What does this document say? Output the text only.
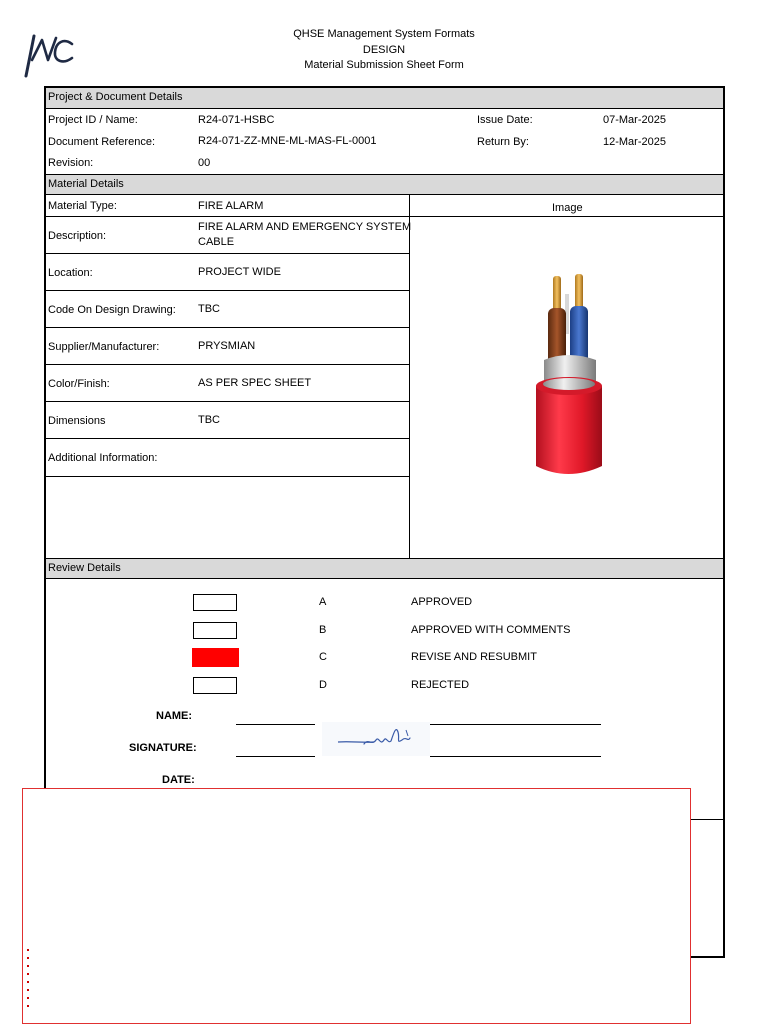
QHSE Management System Formats
DESIGN
Material Submission Sheet Form
Project & Document Details
Project ID / Name:	R24-071-HSBC	Issue Date:	07-Mar-2025
Document Reference:	R24-071-ZZ-MNE-ML-MAS-FL-0001	Return By:	12-Mar-2025
Revision:	00
Material Details
Image
Material Type:	FIRE ALARM
Description:
FIRE ALARM AND EMERGENCY SYSTEM
CABLE
Location:	PROJECT WIDE
Code On Design Drawing: TBC
Supplier/Manufacturer:	PRYSMIAN
Color/Finish:	AS PER SPEC SHEET
Dimensions	TBC
Additional Information:
Review Details
A	APPROVED
B	APPROVED WITH COMMENTS
C	REVISE AND RESUBMIT
D	REJECTED
NAME:
SIGNATURE:
DATE:
